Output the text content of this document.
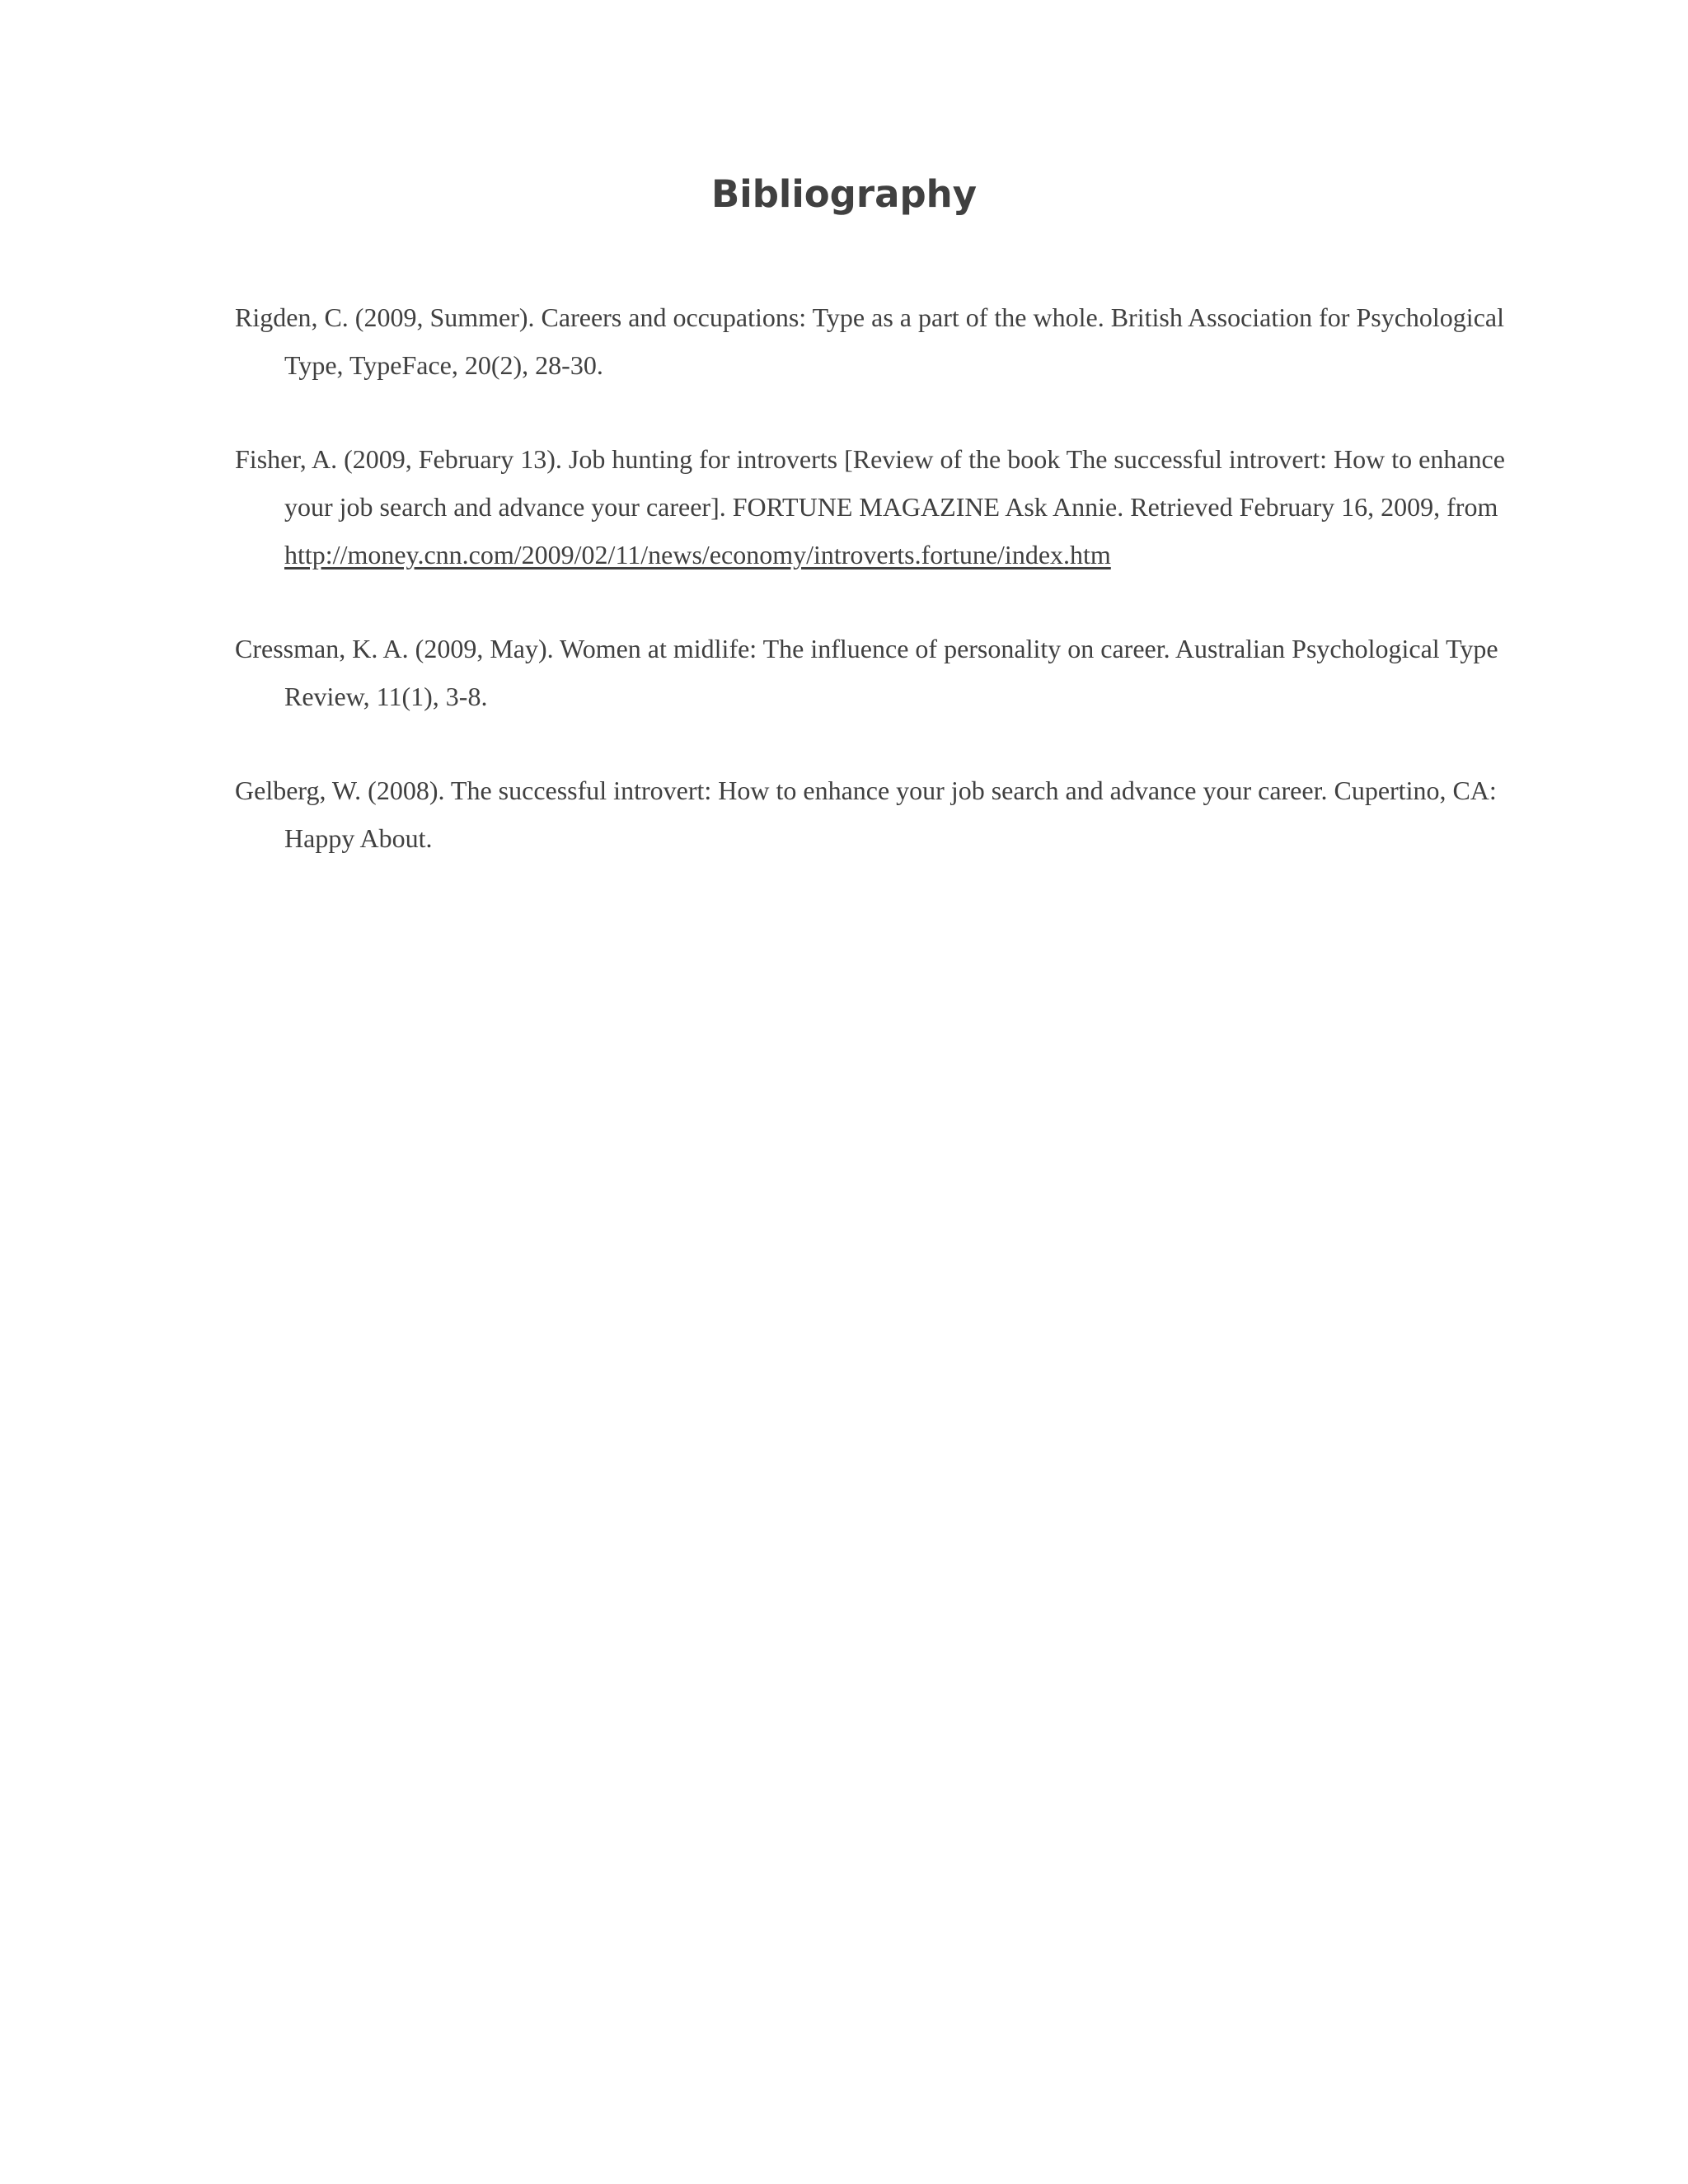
Bibliography
Rigden, C. (2009, Summer). Careers and occupations: Type as a part of the whole. British Association for Psychological Type, TypeFace, 20(2), 28-30.
Fisher, A. (2009, February 13). Job hunting for introverts [Review of the book The successful introvert: How to enhance your job search and advance your career]. FORTUNE MAGAZINE Ask Annie. Retrieved February 16, 2009, from http://money.cnn.com/2009/02/11/news/economy/introverts.fortune/index.htm
Cressman, K. A. (2009, May). Women at midlife: The influence of personality on career. Australian Psychological Type Review, 11(1), 3-8.
Gelberg, W. (2008). The successful introvert: How to enhance your job search and advance your career. Cupertino, CA: Happy About.
